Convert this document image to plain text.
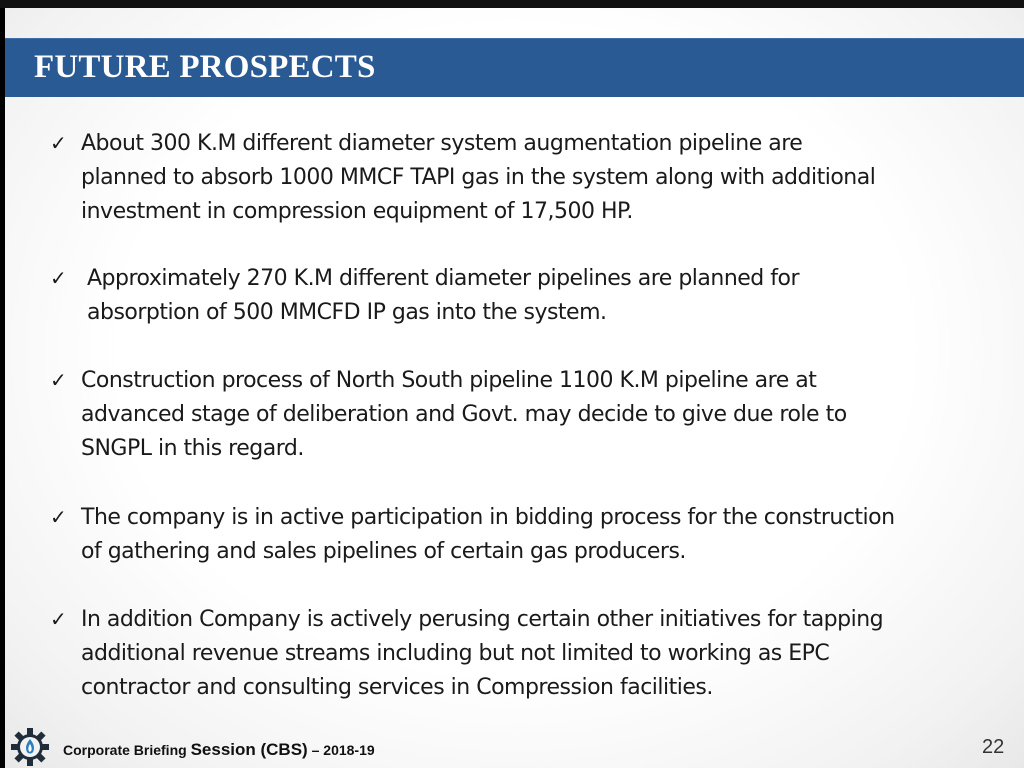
FUTURE PROSPECTS
✓ About 300 K.M different diameter system augmentation pipeline are
planned to absorb 1000 MMCF TAPI gas in the system along with additional
investment in compression equipment of 17,500 HP.
✓ Approximately 270 K.M different diameter pipelines are planned for
absorption of 500 MMCFD IP gas into the system.
✓ Construction process of North South pipeline 1100 K.M pipeline are at
advanced stage of deliberation and Govt. may decide to give due role to
SNGPL in this regard.
✓ The company is in active participation in bidding process for the construction
of gathering and sales pipelines of certain gas producers.
✓ In addition Company is actively perusing certain other initiatives for tapping
additional revenue streams including but not limited to working as EPC
contractor and consulting services in Compression facilities.
Corporate Briefing Session (CBS) – 2018-19	22
